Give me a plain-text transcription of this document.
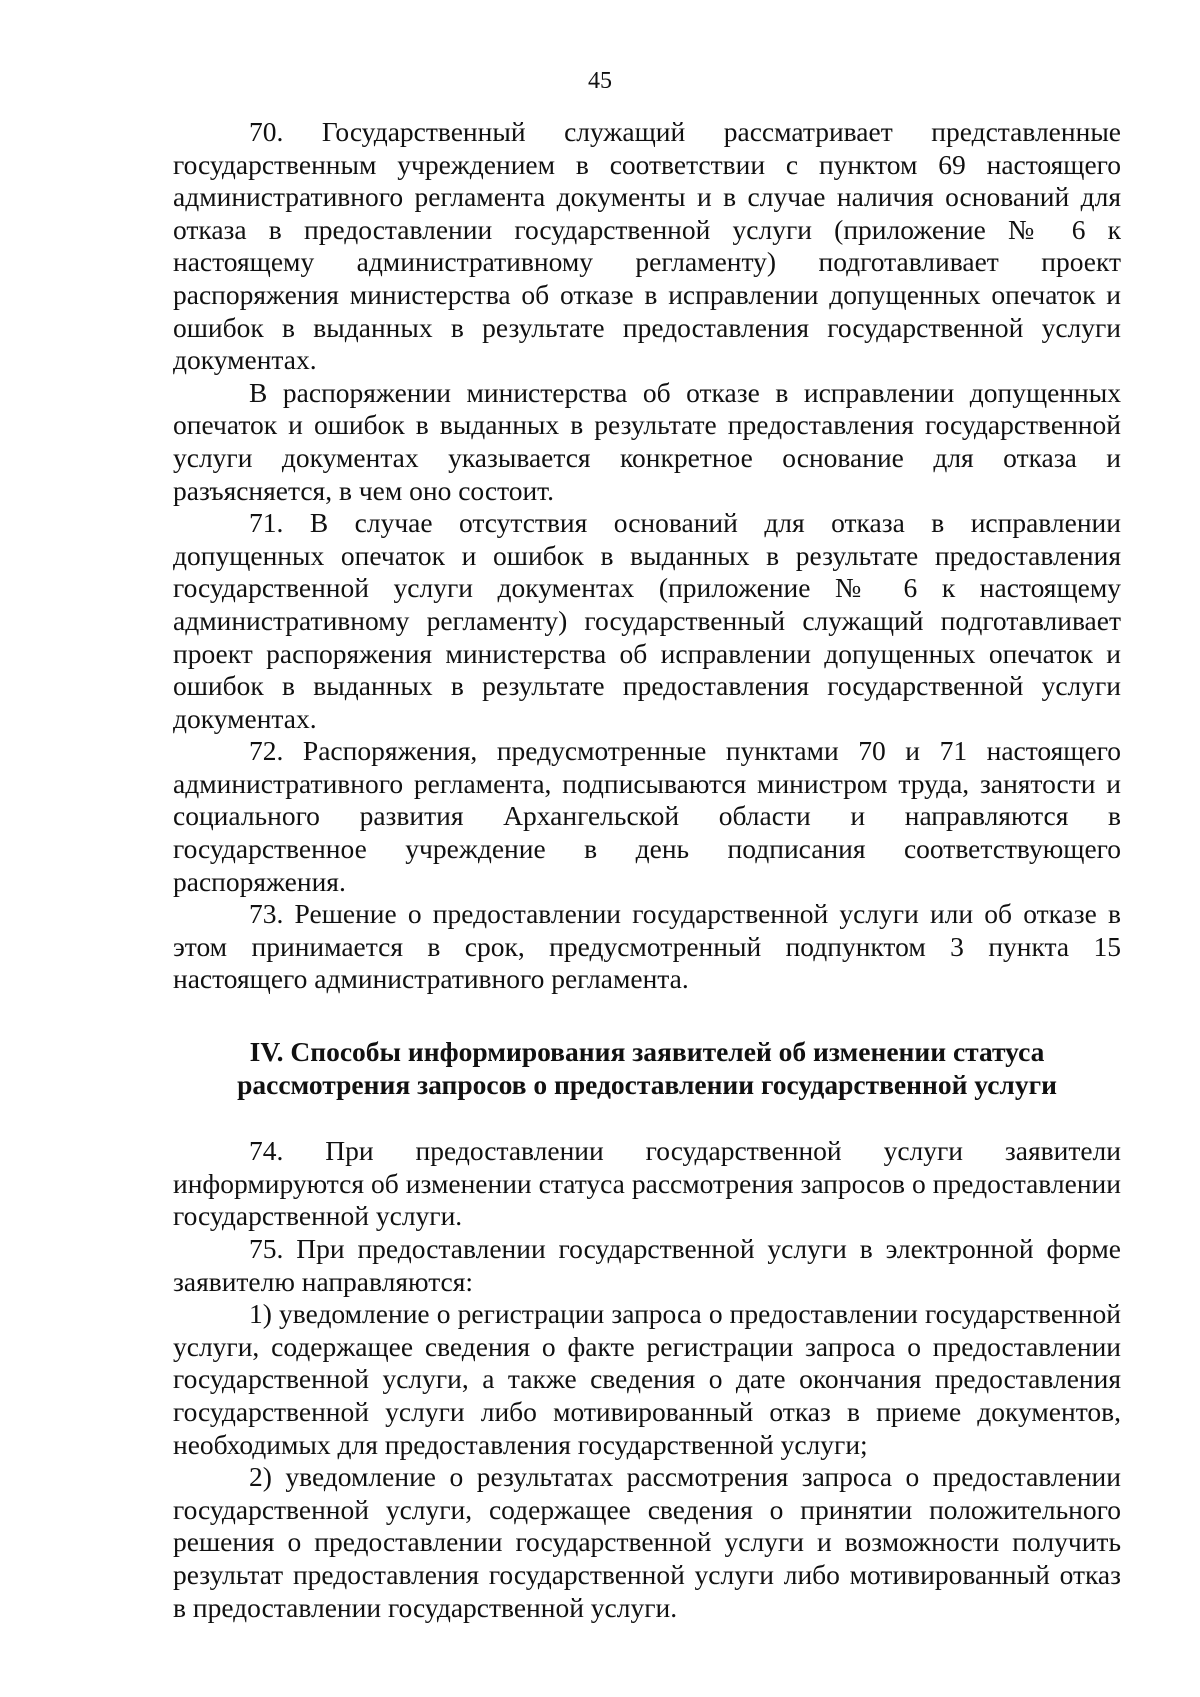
45

70. Государственный служащий рассматривает представленные государственным учреждением в соответствии с пунктом 69 настоящего административного регламента документы и в случае наличия оснований для отказа в предоставлении государственной услуги (приложение № 6 к настоящему административному регламенту) подготавливает проект распоряжения министерства об отказе в исправлении допущенных опечаток и ошибок в выданных в результате предоставления государственной услуги документах.

В распоряжении министерства об отказе в исправлении допущенных опечаток и ошибок в выданных в результате предоставления государственной услуги документах указывается конкретное основание для отказа и разъясняется, в чем оно состоит.

71. В случае отсутствия оснований для отказа в исправлении допущенных опечаток и ошибок в выданных в результате предоставления государственной услуги документах (приложение № 6 к настоящему административному регламенту) государственный служащий подготавливает проект распоряжения министерства об исправлении допущенных опечаток и ошибок в выданных в результате предоставления государственной услуги документах.

72. Распоряжения, предусмотренные пунктами 70 и 71 настоящего административного регламента, подписываются министром труда, занятости и социального развития Архангельской области и направляются в государственное учреждение в день подписания соответствующего распоряжения.

73. Решение о предоставлении государственной услуги или об отказе в этом принимается в срок, предусмотренный подпунктом 3 пункта 15 настоящего административного регламента.

IV. Способы информирования заявителей об изменении статуса
рассмотрения запросов о предоставлении государственной услуги

74. При предоставлении государственной услуги заявители информируются об изменении статуса рассмотрения запросов о предоставлении государственной услуги.

75. При предоставлении государственной услуги в электронной форме заявителю направляются:

1) уведомление о регистрации запроса о предоставлении государственной услуги, содержащее сведения о факте регистрации запроса о предоставлении государственной услуги, а также сведения о дате окончания предоставления государственной услуги либо мотивированный отказ в приеме документов, необходимых для предоставления государственной услуги;

2) уведомление о результатах рассмотрения запроса о предоставлении государственной услуги, содержащее сведения о принятии положительного решения о предоставлении государственной услуги и возможности получить результат предоставления государственной услуги либо мотивированный отказ в предоставлении государственной услуги.
